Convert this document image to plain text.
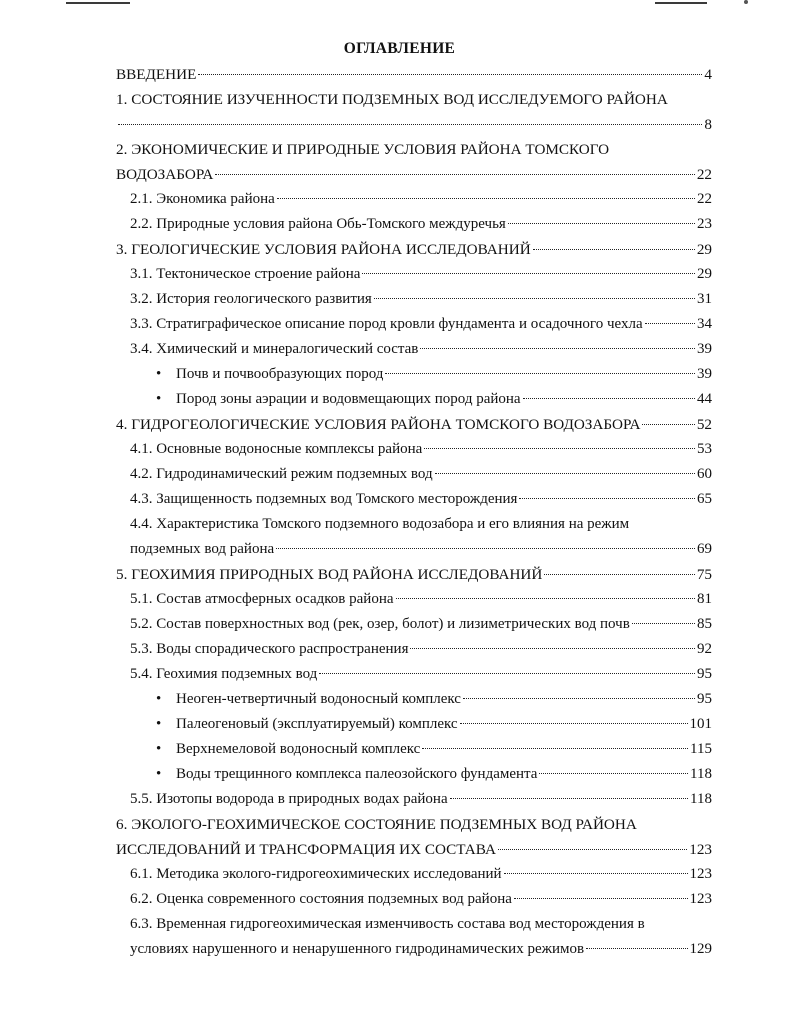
ОГЛАВЛЕНИЕ
ВВЕДЕНИЕ	4
1. СОСТОЯНИЕ ИЗУЧЕННОСТИ ПОДЗЕМНЫХ ВОД ИССЛЕДУЕМОГО РАЙОНА
8
2. ЭКОНОМИЧЕСКИЕ И ПРИРОДНЫЕ УСЛОВИЯ РАЙОНА ТОМСКОГО
ВОДОЗАБОРА	22
2.1. Экономика района	22
2.2. Природные условия района Обь-Томского междуречья	23
3. ГЕОЛОГИЧЕСКИЕ УСЛОВИЯ РАЙОНА ИССЛЕДОВАНИЙ	29
3.1. Тектоническое строение района	29
3.2. История геологического развития	31
3.3. Стратиграфическое описание пород кровли фундамента и осадочного чехла	34
3.4. Химический и минералогический состав	39
• Почв и почвообразующих пород	39
• Пород зоны аэрации и водовмещающих пород района	44
4. ГИДРОГЕОЛОГИЧЕСКИЕ УСЛОВИЯ РАЙОНА ТОМСКОГО ВОДОЗАБОРА	52
4.1. Основные водоносные комплексы района	53
4.2. Гидродинамический режим подземных вод	60
4.3. Защищенность подземных вод Томского месторождения	65
4.4. Характеристика Томского подземного водозабора и его влияния на режим
подземных вод района	69
5. ГЕОХИМИЯ ПРИРОДНЫХ ВОД РАЙОНА ИССЛЕДОВАНИЙ	75
5.1. Состав атмосферных осадков района	81
5.2. Состав поверхностных вод (рек, озер, болот) и лизиметрических вод почв	85
5.3. Воды спорадического распространения	92
5.4. Геохимия подземных вод	95
• Неоген-четвертичный водоносный комплекс	95
• Палеогеновый (эксплуатируемый) комплекс	101
• Верхнемеловой водоносный комплекс	115
• Воды трещинного комплекса палеозойского фундамента	118
5.5. Изотопы водорода в природных водах района	118
6. ЭКОЛОГО-ГЕОХИМИЧЕСКОЕ СОСТОЯНИЕ ПОДЗЕМНЫХ ВОД РАЙОНА
ИССЛЕДОВАНИЙ И ТРАНСФОРМАЦИЯ ИХ СОСТАВА	123
6.1. Методика эколого-гидрогеохимических исследований	123
6.2. Оценка современного состояния подземных вод района	123
6.3. Временная гидрогеохимическая изменчивость состава вод месторождения в
условиях нарушенного и ненарушенного гидродинамических режимов	129
